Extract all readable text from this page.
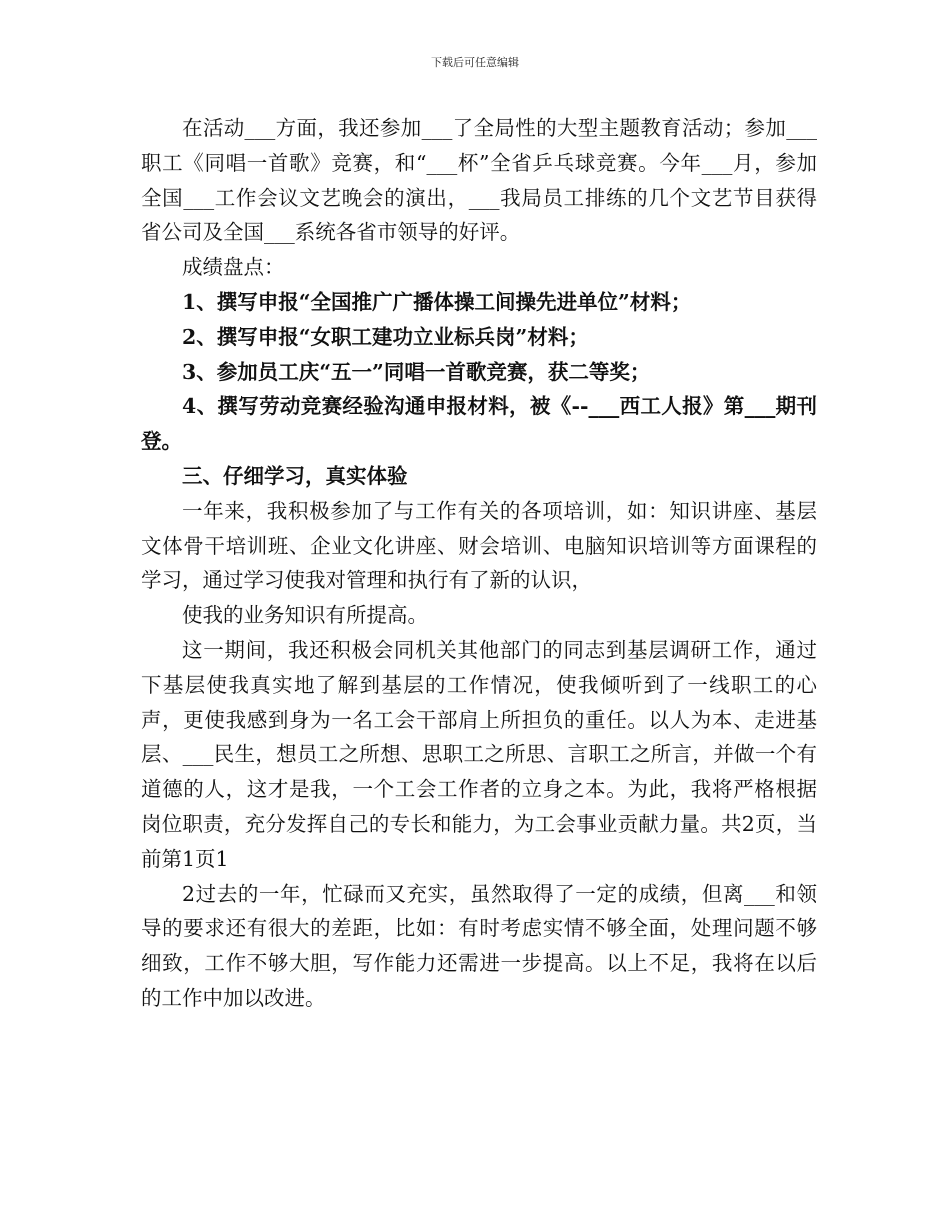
下载后可任意编辑

在活动___方面，我还参加___了全局性的大型主题教育活动；参加___职工《同唱一首歌》竞赛，和“___杯”全省乒乓球竞赛。今年___月，参加全国___工作会议文艺晚会的演出，___我局员工排练的几个文艺节目获得省公司及全国___系统各省市领导的好评。

成绩盘点：

1、撰写申报“全国推广广播体操工间操先进单位”材料；

2、撰写申报“女职工建功立业标兵岗”材料；

3、参加员工庆“五一”同唱一首歌竞赛，获二等奖；

4、撰写劳动竞赛经验沟通申报材料，被《--___西工人报》第___期刊登。

三、仔细学习，真实体验

一年来，我积极参加了与工作有关的各项培训，如：知识讲座、基层文体骨干培训班、企业文化讲座、财会培训、电脑知识培训等方面课程的学习，通过学习使我对管理和执行有了新的认识，

使我的业务知识有所提高。

这一期间，我还积极会同机关其他部门的同志到基层调研工作，通过下基层使我真实地了解到基层的工作情况，使我倾听到了一线职工的心声，更使我感到身为一名工会干部肩上所担负的重任。以人为本、走进基层、___民生，想员工之所想、思职工之所思、言职工之所言，并做一个有道德的人，这才是我，一个工会工作者的立身之本。为此，我将严格根据岗位职责，充分发挥自己的专长和能力，为工会事业贡献力量。共2页，当前第1页1

2过去的一年，忙碌而又充实，虽然取得了一定的成绩，但离___和领导的要求还有很大的差距，比如：有时考虑实情不够全面，处理问题不够细致，工作不够大胆，写作能力还需进一步提高。以上不足，我将在以后的工作中加以改进。
